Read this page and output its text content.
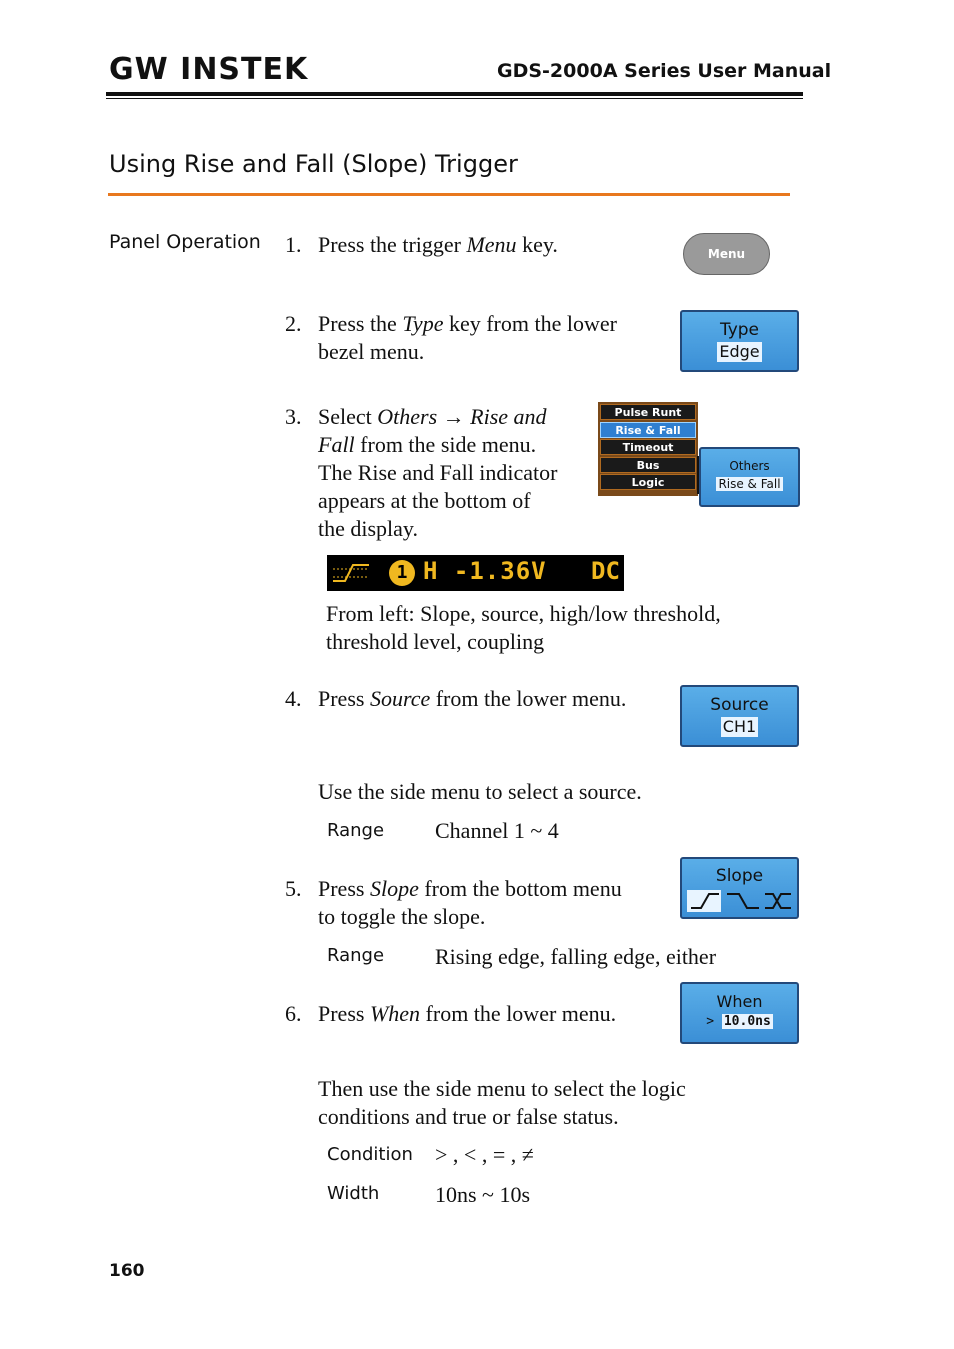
GW INSTEK	GDS-2000A Series User Manual
Using Rise and Fall (Slope) Trigger
Panel Operation 1. Press the trigger Menu key.	Menu
2. Press the Type key from the lower
bezel menu.
Type
Edge
3. Select Others → Rise and
Fall from the side menu.
The Rise and Fall indicator
appears at the bottom of
the display.
Pulse Runt
Rise & Fall
Timeout
Bus
Logic
Others
Rise & Fall
1 H -1.36V DC
From left: Slope, source, high/low threshold,
threshold level, coupling
4. Press Source from the lower menu.	Source
CH1
Use the side menu to select a source.
Range Channel 1 ~ 4
5. Press Slope from the bottom menu
to toggle the slope.
Slope
Range Rising edge, falling edge, either
6. Press When from the lower menu.	When
> 10.0ns
Then use the side menu to select the logic
conditions and true or false status.
Condition > , < , = , ≠
Width	10ns ~ 10s
160
